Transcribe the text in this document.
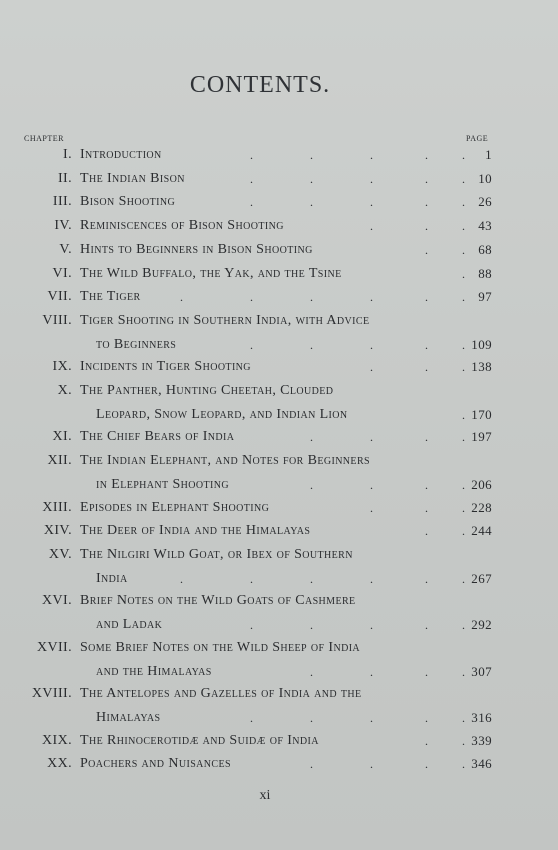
CONTENTS.
CHAPTER	PAGE
I. Introduction	.	.	.	.	. 1
II. The Indian Bison	.	.	.	.	. 10
III. Bison Shooting	.	.	.	.	. 26
IV. Reminiscences of Bison Shooting	.	.	. 43
V. Hints to Beginners in Bison Shooting	.	. 68
VI. The Wild Buffalo, the Yak, and the Tsine	. 88
VII. The Tiger	.	.	.	.	.	. 97
VIII. Tiger Shooting in Southern India, with Advice
to Beginners	.	.	.	.	. 109
IX. Incidents in Tiger Shooting	.	.	. 138
X. The Panther, Hunting Cheetah, Clouded
Leopard, Snow Leopard, and Indian Lion	. 170
XI. The Chief Bears of India	.	.	.	. 197
XII. The Indian Elephant, and Notes for Beginners
in Elephant Shooting	.	.	.	. 206
XIII. Episodes in Elephant Shooting	.	.	. 228
XIV. The Deer of India and the Himalayas	.	. 244
XV. The Nilgiri Wild Goat, or Ibex of Southern
India	.	.	.	.	.	. 267
XVI. Brief Notes on the Wild Goats of Cashmere
and Ladak	.	.	.	.	. 292
XVII. Some Brief Notes on the Wild Sheep of India
and the Himalayas	.	.	.	. 307
XVIII. The Antelopes and Gazelles of India and the
Himalayas	.	.	.	.	. 316
XIX. The Rhinocerotidæ and Suidæ of India	.	. 339
XX. Poachers and Nuisances	.	.	.	. 346
xi
